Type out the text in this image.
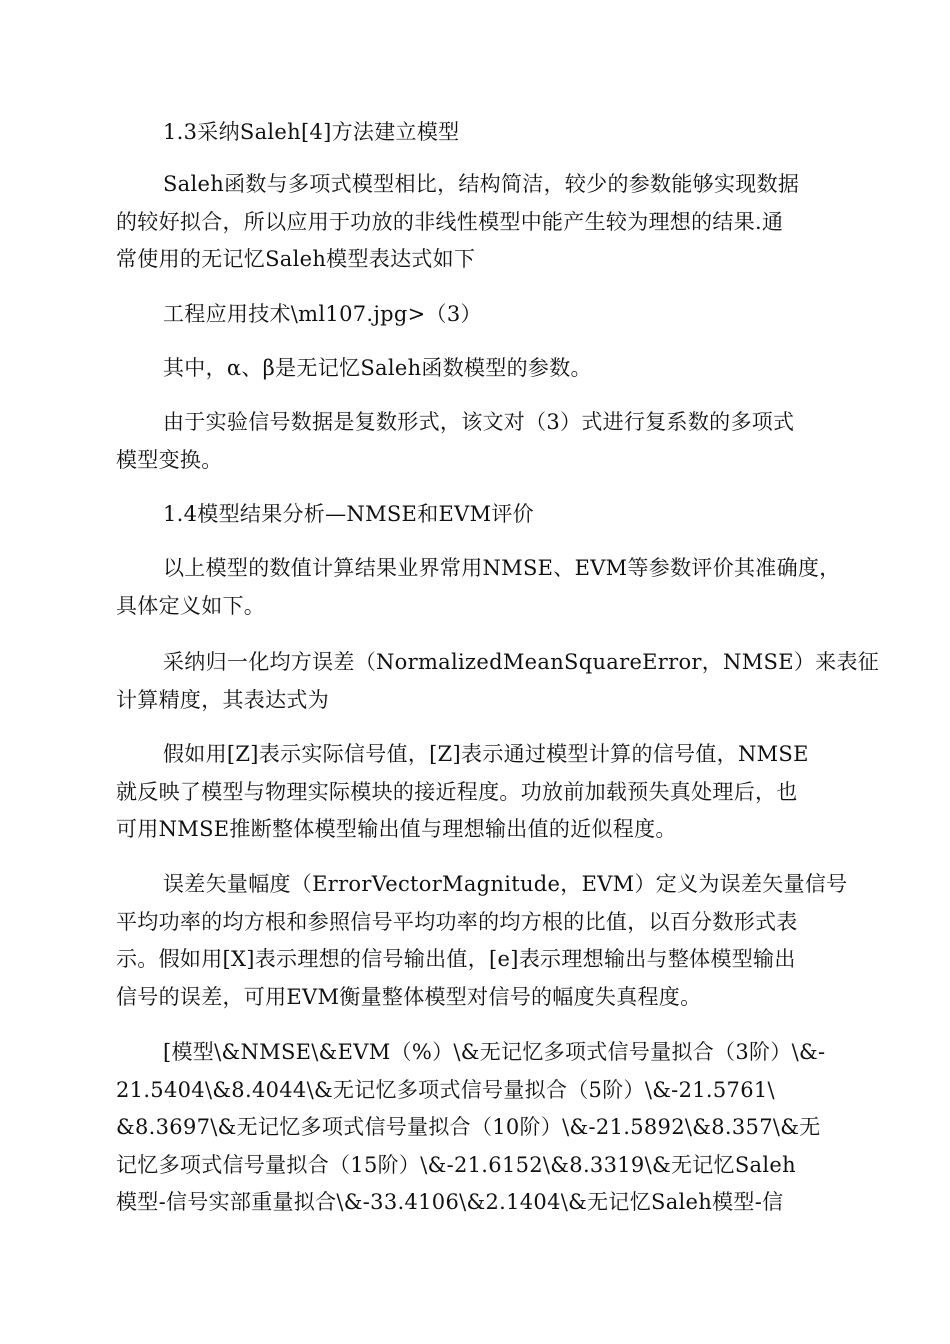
1.3采纳Saleh[4]方法建立模型

Saleh函数与多项式模型相比，结构简洁，较少的参数能够实现数据
的较好拟合，所以应用于功放的非线性模型中能产生较为理想的结果.通
常使用的无记忆Saleh模型表达式如下

工程应用技术\ml107.jpg>（3）

其中，α、β是无记忆Saleh函数模型的参数。

由于实验信号数据是复数形式，该文对（3）式进行复系数的多项式
模型变换。

1.4模型结果分析—NMSE和EVM评价

以上模型的数值计算结果业界常用NMSE、EVM等参数评价其准确度，
具体定义如下。

采纳归一化均方误差（NormalizedMeanSquareError，NMSE）来表征
计算精度，其表达式为

假如用[Z]表示实际信号值，[Z]表示通过模型计算的信号值，NMSE
就反映了模型与物理实际模块的接近程度。功放前加载预失真处理后，也
可用NMSE推断整体模型输出值与理想输出值的近似程度。

误差矢量幅度（ErrorVectorMagnitude，EVM）定义为误差矢量信号
平均功率的均方根和参照信号平均功率的均方根的比值，以百分数形式表
示。假如用[X]表示理想的信号输出值，[e]表示理想输出与整体模型输出
信号的误差，可用EVM衡量整体模型对信号的幅度失真程度。

[模型\&NMSE\&EVM（%）\&无记忆多项式信号量拟合（3阶）\&-
21.5404\&8.4044\&无记忆多项式信号量拟合（5阶）\&-21.5761\
&8.3697\&无记忆多项式信号量拟合（10阶）\&-21.5892\&8.357\&无
记忆多项式信号量拟合（15阶）\&-21.6152\&8.3319\&无记忆Saleh
模型-信号实部重量拟合\&-33.4106\&2.1404\&无记忆Saleh模型-信
